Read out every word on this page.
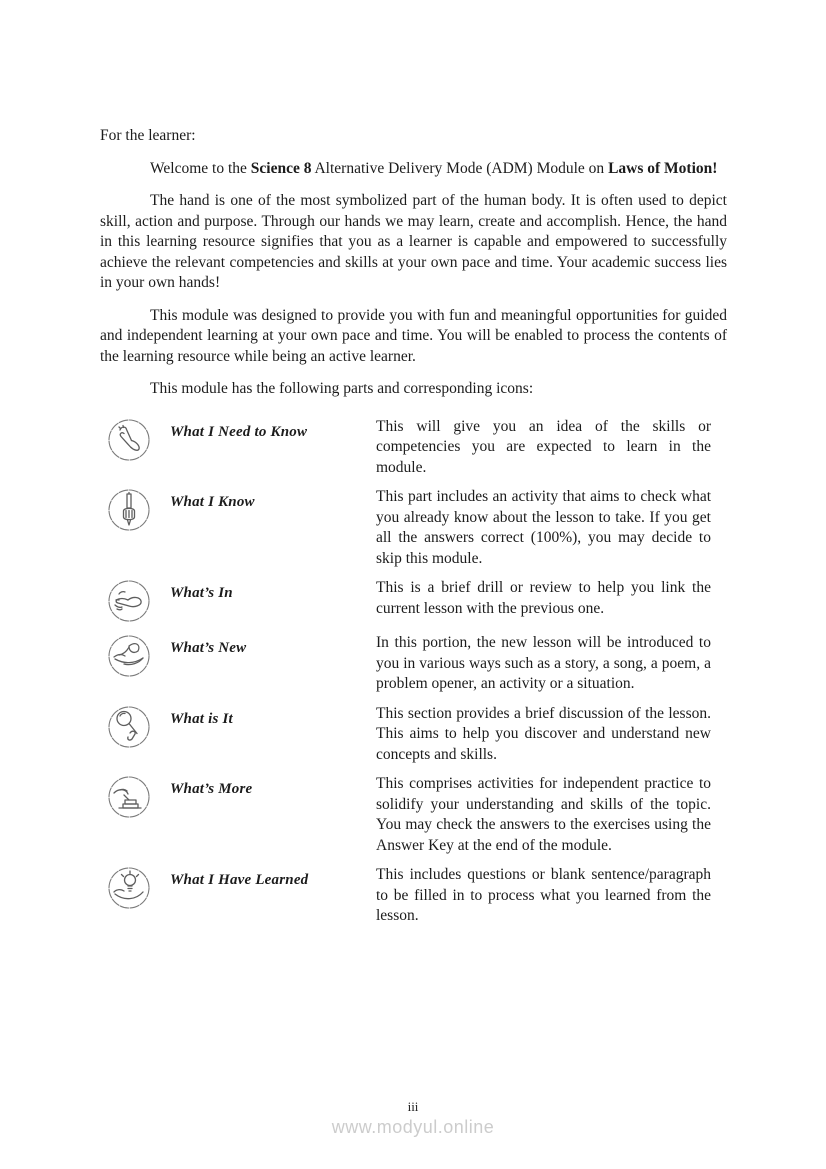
For the learner:

Welcome to the Science 8 Alternative Delivery Mode (ADM) Module on Laws of Motion!

The hand is one of the most symbolized part of the human body. It is often used to depict skill, action and purpose. Through our hands we may learn, create and accomplish. Hence, the hand in this learning resource signifies that you as a learner is capable and empowered to successfully achieve the relevant competencies and skills at your own pace and time. Your academic success lies in your own hands!

This module was designed to provide you with fun and meaningful opportunities for guided and independent learning at your own pace and time. You will be enabled to process the contents of the learning resource while being an active learner.

This module has the following parts and corresponding icons:

What I Need to Know	This will give you an idea of the skills or competencies you are expected to learn in the module.
What I Know	This part includes an activity that aims to check what you already know about the lesson to take. If you get all the answers correct (100%), you may decide to skip this module.
What’s In	This is a brief drill or review to help you link the current lesson with the previous one.
What’s New	In this portion, the new lesson will be introduced to you in various ways such as a story, a song, a poem, a problem opener, an activity or a situation.
What is It	This section provides a brief discussion of the lesson. This aims to help you discover and understand new concepts and skills.
What’s More	This comprises activities for independent practice to solidify your understanding and skills of the topic. You may check the answers to the exercises using the Answer Key at the end of the module.
What I Have Learned	This includes questions or blank sentence/paragraph to be filled in to process what you learned from the lesson.
iii
www.modyul.online
